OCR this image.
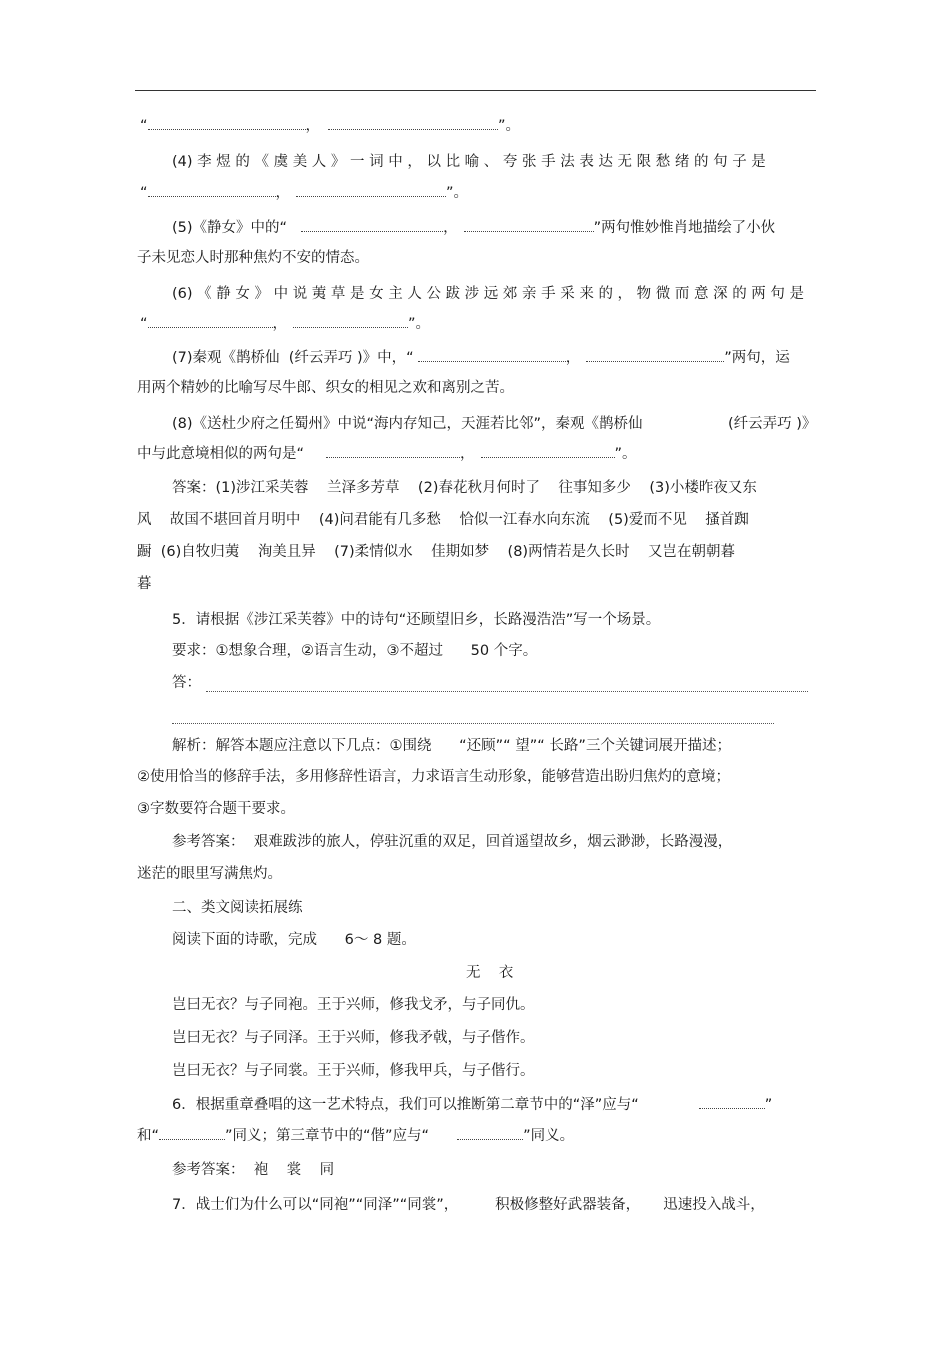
“	，	”。
(4) 李 煜 的 《 虞 美 人 》 一 词 中 ， 以 比 喻 、 夸 张 手 法 表 达 无 限 愁 绪 的 句 子 是
“	，	”。
(5)《静女》中的“	，	”两句惟妙惟肖地描绘了小伙
子未见恋人时那种焦灼不安的情态。
(6) 《 静 女 》 中 说 荑 草 是 女 主 人 公 跋 涉 远 郊 亲 手 采 来 的 ， 物 微 而 意 深 的 两 句 是
“	，	”。
(7)秦观《鹊桥仙  (纤云弄巧 )》中，“	，	”两句，运
用两个精妙的比喻写尽牛郎、织女的相见之欢和离别之苦。
(8)《送杜少府之任蜀州》中说“海内存知己，天涯若比邻”，秦观《鹊桥仙	(纤云弄巧 )》
中与此意境相似的两句是“	，	”。
答案：(1)涉江采芙蓉    兰泽多芳草    (2)春花秋月何时了    往事知多少    (3)小楼昨夜又东
风    故国不堪回首月明中    (4)问君能有几多愁    恰似一江春水向东流    (5)爱而不见    搔首踟
蹰  (6)自牧归荑    洵美且异    (7)柔情似水    佳期如梦    (8)两情若是久长时    又岂在朝朝暮
暮
5．请根据《涉江采芙蓉》中的诗句“还顾望旧乡，长路漫浩浩”写一个场景。
要求：①想象合理，②语言生动，③不超过      50 个字。
答：
解析：解答本题应注意以下几点：①围绕      “还顾”“ 望”“ 长路”三个关键词展开描述；
②使用恰当的修辞手法，多用修辞性语言，力求语言生动形象，能够营造出盼归焦灼的意境；
③字数要符合题干要求。
参考答案：  艰难跋涉的旅人，停驻沉重的双足，回首遥望故乡，烟云渺渺，长路漫漫，
迷茫的眼里写满焦灼。
二、类文阅读拓展练
阅读下面的诗歌，完成      6～ 8 题。
无    衣
岂曰无衣？与子同袍。王于兴师，修我戈矛，与子同仇。
岂曰无衣？与子同泽。王于兴师，修我矛戟，与子偕作。
岂曰无衣？与子同裳。王于兴师，修我甲兵，与子偕行。
6．根据重章叠唱的这一艺术特点，我们可以推断第二章节中的“泽”应与“	”
和“	”同义；第三章节中的“偕”应与“	”同义。
参考答案：  袍    裳    同
7．战士们为什么可以“同袍”“同泽”“同裳”，        积极修整好武器装备，     迅速投入战斗，
